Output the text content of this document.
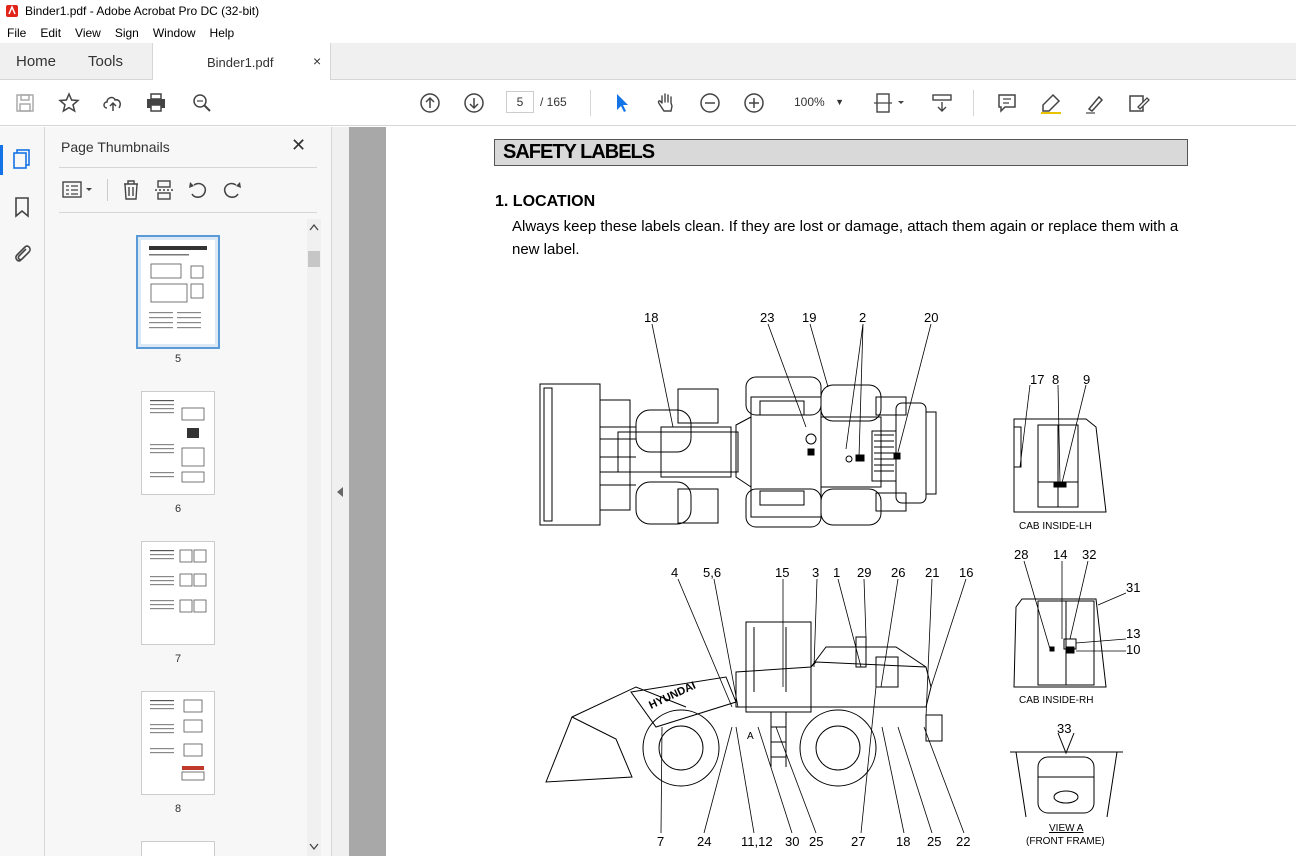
Binder1.pdf - Adobe Acrobat Pro DC (32-bit)
File	Edit	View	Sign	Window	Help
Home Tools	Binder1.pdf	×
5	/ 165	100% ▼
Page Thumbnails	✕
5
6
7
8
SAFETY LABELS
1. LOCATION
Always keep these labels clean. If they are lost or damage, attach them again or replace them with a new label.
18	23 19	2	20
17 8 9
CAB INSIDE-LH
28 14 32
31
13
10
CAB INSIDE-RH
33
VIEW A
(FRONT FRAME)
HYUNDAI
A
4 5,6	15 3 1 29 26 21 16
7	24 11,12 30 25 27 18 25 22
